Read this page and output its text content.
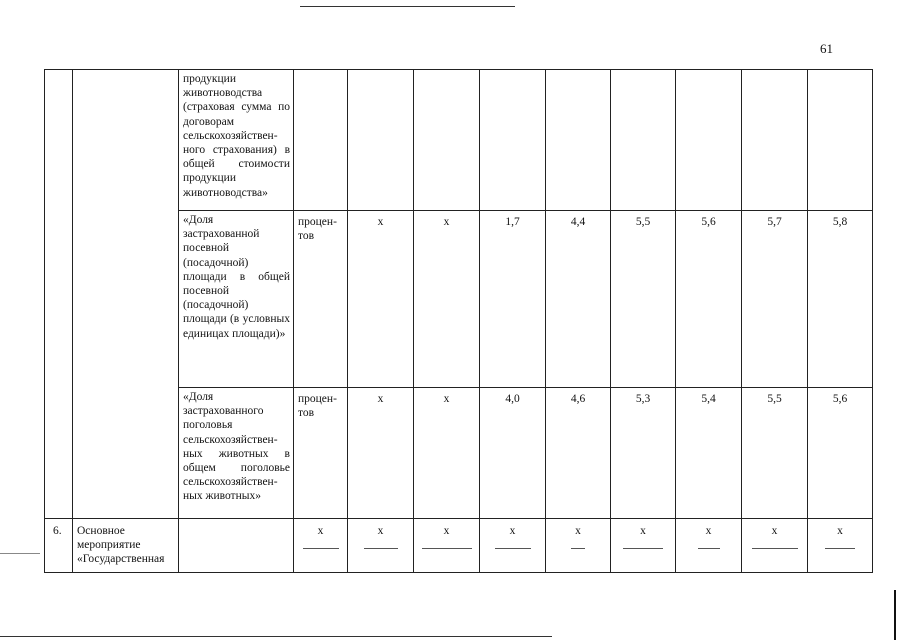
61
		продукции животноводства (страховая сумма по договорам сельскохозяйствен-ного страхования) в общей стоимости продукции животноводства»		

		«Доля застрахованной посевной (посадочной) площади в общей посевной (посадочной) площади (в условных единицах площади)»	процен-тов	х	х	1,7	4,4	5,5	5,6	5,7	5,8

		«Доля застрахованного поголовья сельскохозяйствен-ных животных в общем поголовье сельскохозяйствен-ных животных»	процен-тов	х	х	4,0	4,6	5,3	5,4	5,5	5,6

6.	Основное мероприятие «Государственная		х	х	х	х	х	х	х	х	х
